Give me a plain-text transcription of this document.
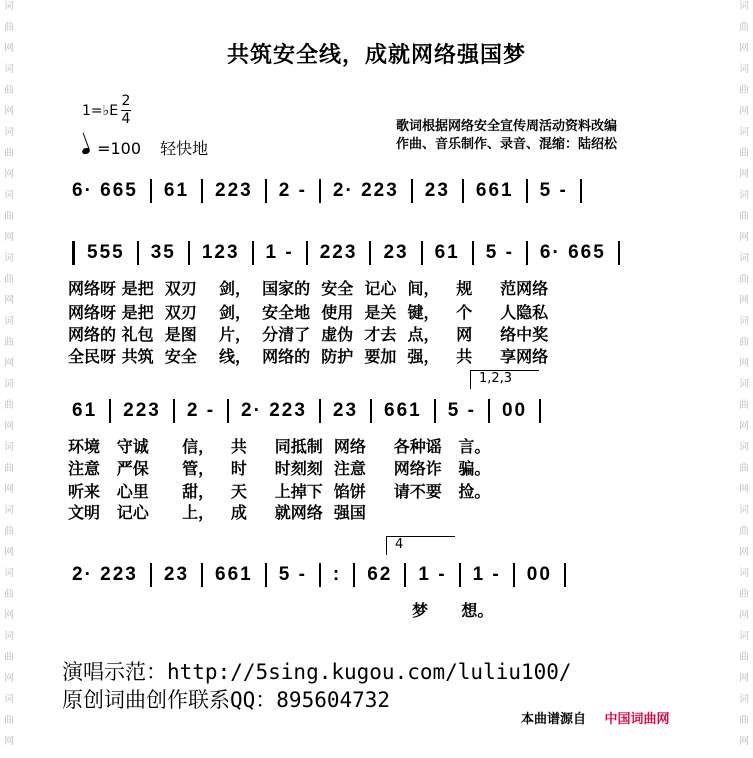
词
曲
网
词
曲
网
词
曲
网
词
曲
网
词
曲
网
词
曲
网
词
曲
网
词
曲
网
词
曲
网
词
曲
网
词
曲
网
词
曲
网
词
曲
网
词
曲
网
词
曲
网
词
曲
网
词
曲
网
词
曲
网
词
曲
网
词
曲
网
词
曲
网
词
曲
网
词
曲
网
词
曲
网
共筑安全线，成就网络强国梦
1=♭E
2
4
=100 轻快地
歌词根据网络安全宣传周活动资料改编
作曲、音乐制作、录音、混缩：陆绍松
6· 665	61	223	2 -	2· 223	23	661	5 -
555	35	123	1 -	223	23	61	5 -	6· 665
网络呀 是把  双刃    剑，  国家的  安全  记心  间，   规     范网络
网络呀 是把  双刃    剑，  安全地  使用  是关  键，   个     人隐私
网络的 礼包  是图    片，  分清了  虚伪  才去  点，   网     络中奖
全民呀 共筑  安全    线，  网络的  防护  要加  强，   共     享网络
1,2,3
61	223	2 -	2· 223	23	661	5 -	00
环境   守诚      信，   共     同抵制  网络     各种谣   言。
注意   严保      管，   时     时刻刻  注意     网络诈   骗。
听来   心里      甜，   天     上掉下  馅饼     请不要   捡。
文明   记心      上，   成     就网络  强国
4
2· 223	23	661	5 -	:	62	1 -	1 -	00
梦      想。
演唱示范：http://5sing.kugou.com/luliu100/
原创词曲创作联系QQ：895604732
本曲谱源自 中国词曲网
